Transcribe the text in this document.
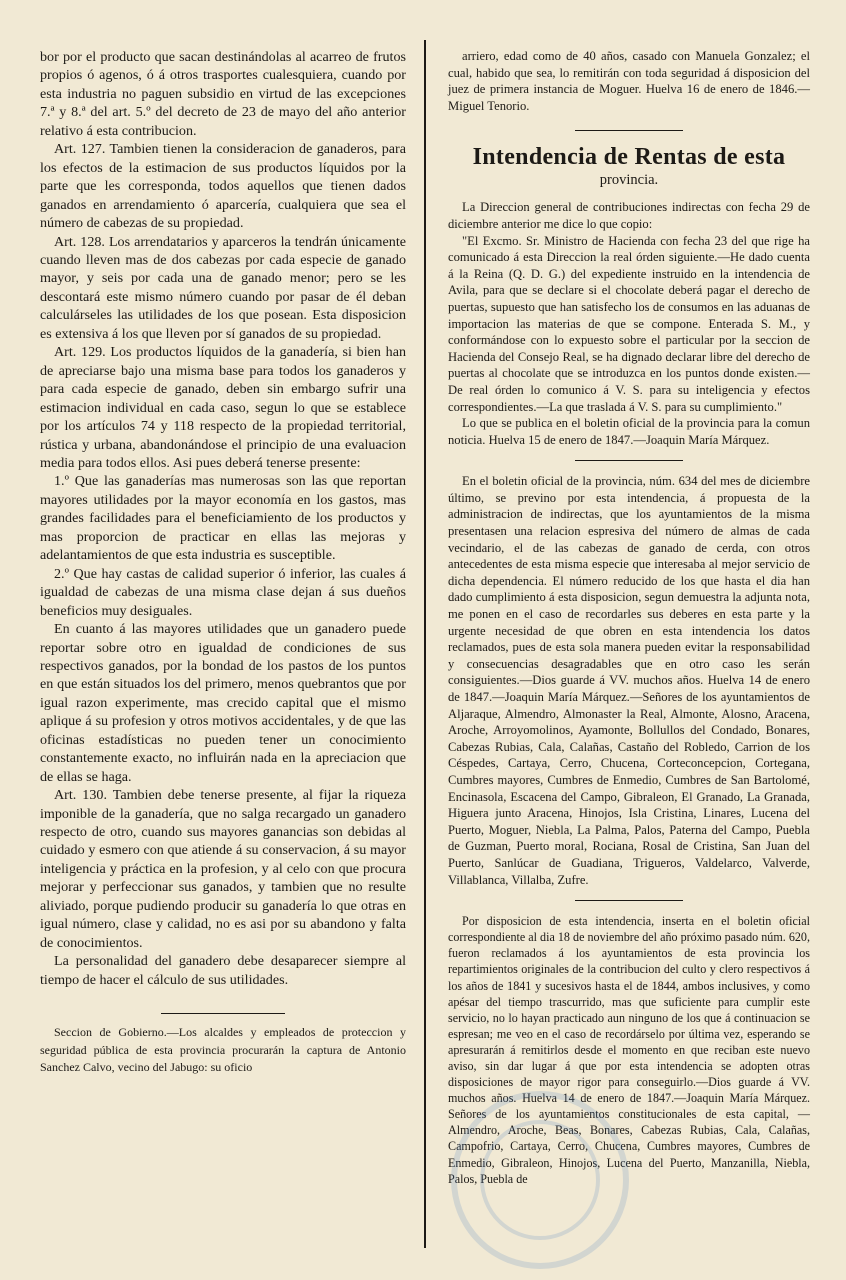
bor por el producto que sacan destinándolas al acarreo de frutos propios ó agenos, ó á otros trasportes cualesquiera, cuando por esta industria no paguen subsidio en virtud de las excepciones 7.ª y 8.ª del art. 5.º del decreto de 23 de mayo del año anterior relativo á esta contribucion.

Art. 127. Tambien tienen la consideracion de ganaderos, para los efectos de la estimacion de sus productos líquidos por la parte que les corresponda, todos aquellos que tienen dados ganados en arrendamiento ó aparcería, cualquiera que sea el número de cabezas de su propiedad.

Art. 128. Los arrendatarios y aparceros la tendrán únicamente cuando lleven mas de dos cabezas por cada especie de ganado mayor, y seis por cada una de ganado menor; pero se les descontará este mismo número cuando por pasar de él deban calculárseles las utilidades de los que posean. Esta disposicion es extensiva á los que lleven por sí ganados de su propiedad.

Art. 129. Los productos líquidos de la ganadería, si bien han de apreciarse bajo una misma base para todos los ganaderos y para cada especie de ganado, deben sin embargo sufrir una estimacion individual en cada caso, segun lo que se establece por los artículos 74 y 118 respecto de la propiedad territorial, rústica y urbana, abandonándose el principio de una evaluacion media para todos ellos. Asi pues deberá tenerse presente:

1.º Que las ganaderías mas numerosas son las que reportan mayores utilidades por la mayor economía en los gastos, mas grandes facilidades para el beneficiamiento de los productos y mas proporcion de practicar en ellas las mejoras y adelantamientos de que esta industria es susceptible.

2.º Que hay castas de calidad superior ó inferior, las cuales á igualdad de cabezas de una misma clase dejan á sus dueños beneficios muy desiguales.

En cuanto á las mayores utilidades que un ganadero puede reportar sobre otro en igualdad de condiciones de sus respectivos ganados, por la bondad de los pastos de los puntos en que están situados los del primero, menos quebrantos que por igual razon experimente, mas crecido capital que el mismo aplique á su profesion y otros motivos accidentales, y de que las oficinas estadísticas no pueden tener un conocimiento constantemente exacto, no influirán nada en la apreciacion que de ellas se haga.

Art. 130. Tambien debe tenerse presente, al fijar la riqueza imponible de la ganadería, que no salga recargado un ganadero respecto de otro, cuando sus mayores ganancias son debidas al cuidado y esmero con que atiende á su conservacion, á su mayor inteligencia y práctica en la profesion, y al celo con que procura mejorar y perfeccionar sus ganados, y tambien que no resulte aliviado, porque pudiendo producir su ganadería lo que otras en igual número, clase y calidad, no es asi por su abandono y falta de conocimientos.

La personalidad del ganadero debe desaparecer siempre al tiempo de hacer el cálculo de sus utilidades.

Seccion de Gobierno.—Los alcaldes y empleados de proteccion y seguridad pública de esta provincia procurarán la captura de Antonio Sanchez Calvo, vecino del Jabugo: su oficio

arriero, edad como de 40 años, casado con Manuela Gonzalez; el cual, habido que sea, lo remitirán con toda seguridad á disposicion del juez de primera instancia de Moguer. Huelva 16 de enero de 1846.—Miguel Tenorio.

Intendencia de Rentas de esta
provincia.

La Direccion general de contribuciones indirectas con fecha 29 de diciembre anterior me dice lo que copio:

"El Excmo. Sr. Ministro de Hacienda con fecha 23 del que rige ha comunicado á esta Direccion la real órden siguiente.—He dado cuenta á la Reina (Q. D. G.) del expediente instruido en la intendencia de Avila, para que se declare si el chocolate deberá pagar el derecho de puertas, supuesto que han satisfecho los de consumos en las aduanas de importacion las materias de que se compone. Enterada S. M., y conformándose con lo expuesto sobre el particular por la seccion de Hacienda del Consejo Real, se ha dignado declarar libre del derecho de puertas al chocolate que se introduzca en los puntos donde existen.—De real órden lo comunico á V. S. para su inteligencia y efectos correspondientes.—La que traslada á V. S. para su cumplimiento."

Lo que se publica en el boletin oficial de la provincia para la comun noticia. Huelva 15 de enero de 1847.—Joaquin María Márquez.

En el boletin oficial de la provincia, núm. 634 del mes de diciembre último, se previno por esta intendencia, á propuesta de la administracion de indirectas, que los ayuntamientos de la misma presentasen una relacion espresiva del número de almas de cada vecindario, el de las cabezas de ganado de cerda, con otros antecedentes de esta misma especie que interesaba al mejor servicio de dicha dependencia. El número reducido de los que hasta el dia han dado cumplimiento á esta disposicion, segun demuestra la adjunta nota, me ponen en el caso de recordarles sus deberes en esta parte y la urgente necesidad de que obren en esta intendencia los datos reclamados, pues de esta sola manera pueden evitar la responsabilidad y consecuencias desagradables que en otro caso les serán consiguientes.—Dios guarde á VV. muchos años. Huelva 14 de enero de 1847.—Joaquin María Márquez.—Señores de los ayuntamientos de Aljaraque, Almendro, Almonaster la Real, Almonte, Alosno, Aracena, Aroche, Arroyomolinos, Ayamonte, Bollullos del Condado, Bonares, Cabezas Rubias, Cala, Calañas, Castaño del Robledo, Carrion de los Céspedes, Cartaya, Cerro, Chucena, Corteconcepcion, Cortegana, Cumbres mayores, Cumbres de Enmedio, Cumbres de San Bartolomé, Encinasola, Escacena del Campo, Gibraleon, El Granado, La Granada, Higuera junto Aracena, Hinojos, Isla Cristina, Linares, Lucena del Puerto, Moguer, Niebla, La Palma, Palos, Paterna del Campo, Puebla de Guzman, Puerto moral, Rociana, Rosal de Cristina, San Juan del Puerto, Sanlúcar de Guadiana, Trigueros, Valdelarco, Valverde, Villablanca, Villalba, Zufre.

Por disposicion de esta intendencia, inserta en el boletin oficial correspondiente al dia 18 de noviembre del año próximo pasado núm. 620, fueron reclamados á los ayuntamientos de esta provincia los repartimientos originales de la contribucion del culto y clero respectivos á los años de 1841 y sucesivos hasta el de 1844, ambos inclusives, y como apésar del tiempo trascurrido, mas que suficiente para cumplir este servicio, no lo hayan practicado aun ninguno de los que á continuacion se espresan; me veo en el caso de recordárselo por última vez, esperando se apresurarán á remitirlos desde el momento en que reciban este nuevo aviso, sin dar lugar á que por esta intendencia se adopten otras disposiciones de mayor rigor para conseguirlo.—Dios guarde á VV. muchos años. Huelva 14 de enero de 1847.—Joaquin María Márquez. Señores de los ayuntamientos constitucionales de esta capital, —Almendro, Aroche, Beas, Bonares, Cabezas Rubias, Cala, Calañas, Campofrio, Cartaya, Cerro, Chucena, Cumbres mayores, Cumbres de Enmedio, Gibraleon, Hinojos, Lucena del Puerto, Manzanilla, Niebla, Palos, Puebla de
